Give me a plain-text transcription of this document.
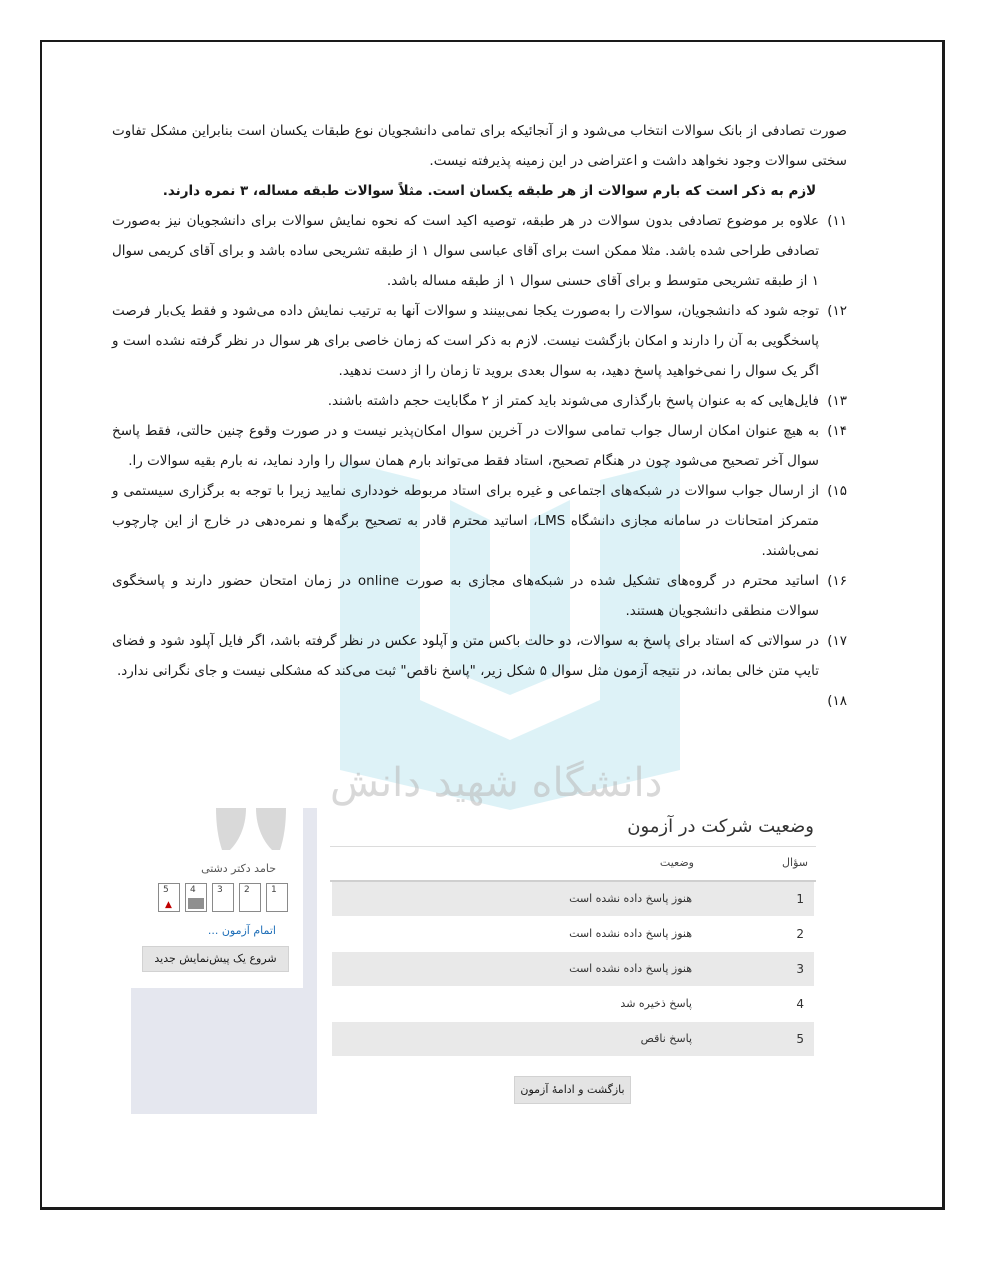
دانشگاه شهید دانش

صورت تصادفی از بانک سوالات انتخاب می‌شود و از آنجائیکه برای تمامی دانشجویان نوع طبقات یکسان است بنابراین مشکل تفاوت سختی سوالات وجود نخواهد داشت و اعتراضی در این زمینه پذیرفته نیست.

لازم به ذکر است که بارم سوالات از هر طبقه یکسان است. مثلاً سوالات طبقه مساله، ۳ نمره دارند.

۱۱)
علاوه بر موضوع تصادفی بدون سوالات در هر طبقه، توصیه اکید است که نحوه نمایش سوالات برای دانشجویان نیز به‌صورت تصادفی طراحی شده باشد. مثلا ممکن است برای آقای عباسی سوال ۱ از طبقه تشریحی ساده باشد و برای آقای کریمی سوال ۱ از طبقه تشریحی متوسط و برای آقای حسنی سوال ۱ از طبقه مساله باشد.
۱۲)
توجه شود که دانشجویان، سوالات را به‌صورت یکجا نمی‌بینند و سوالات آنها به ترتیب نمایش داده می‌شود و فقط یک‌بار فرصت پاسخگویی به آن را دارند و امکان بازگشت نیست. لازم به ذکر است که زمان خاصی برای هر سوال در نظر گرفته نشده است و اگر یک سوال را نمی‌خواهید پاسخ دهید، به سوال بعدی بروید تا زمان را از دست ندهید.
۱۳)
فایل‌هایی که به عنوان پاسخ بارگذاری می‌شوند باید کمتر از ۲ مگابایت حجم داشته باشند.
۱۴)
به هیچ عنوان امکان ارسال جواب تمامی سوالات در آخرین سوال امکان‌پذیر نیست و در صورت وقوع چنین حالتی، فقط پاسخ سوال آخر تصحیح می‌شود چون در هنگام تصحیح، استاد فقط می‌تواند بارم همان سوال را وارد نماید، نه بارم بقیه سوالات را.
۱۵)
از ارسال جواب سوالات در شبکه‌های اجتماعی و غیره برای استاد مربوطه خودداری نمایید زیرا با توجه به برگزاری سیستمی و متمرکز امتحانات در سامانه مجازی دانشگاه LMS، اساتید محترم قادر به تصحیح برگه‌ها و نمره‌دهی در خارج از این چارچوب نمی‌باشند.
۱۶)
اساتید محترم در گروه‌های تشکیل شده در شبکه‌های مجازی به صورت online در زمان امتحان حضور دارند و پاسخگوی سوالات منطقی دانشجویان هستند.
۱۷)
در سوالاتی که استاد برای پاسخ به سوالات، دو حالت باکس متن و آپلود عکس در نظر گرفته باشد، اگر فایل آپلود شود و فضای تایپ متن خالی بماند، در نتیجه آزمون مثل سوال ۵ شکل زیر، "پاسخ ناقص" ثبت می‌کند که مشکلی نیست و جای نگرانی ندارد.
۱۸)
حامد دکتر دشتی
5
▲
4 3 2 1
اتمام آزمون ...
شروع یک پیش‌نمایش جدید
وضعیت شرکت در آزمون
سؤال
وضعیت
1
هنوز پاسخ داده نشده است
2
هنوز پاسخ داده نشده است
3
هنوز پاسخ داده نشده است
4
پاسخ ذخیره شد
5
پاسخ ناقص
بازگشت و ادامهٔ آزمون
